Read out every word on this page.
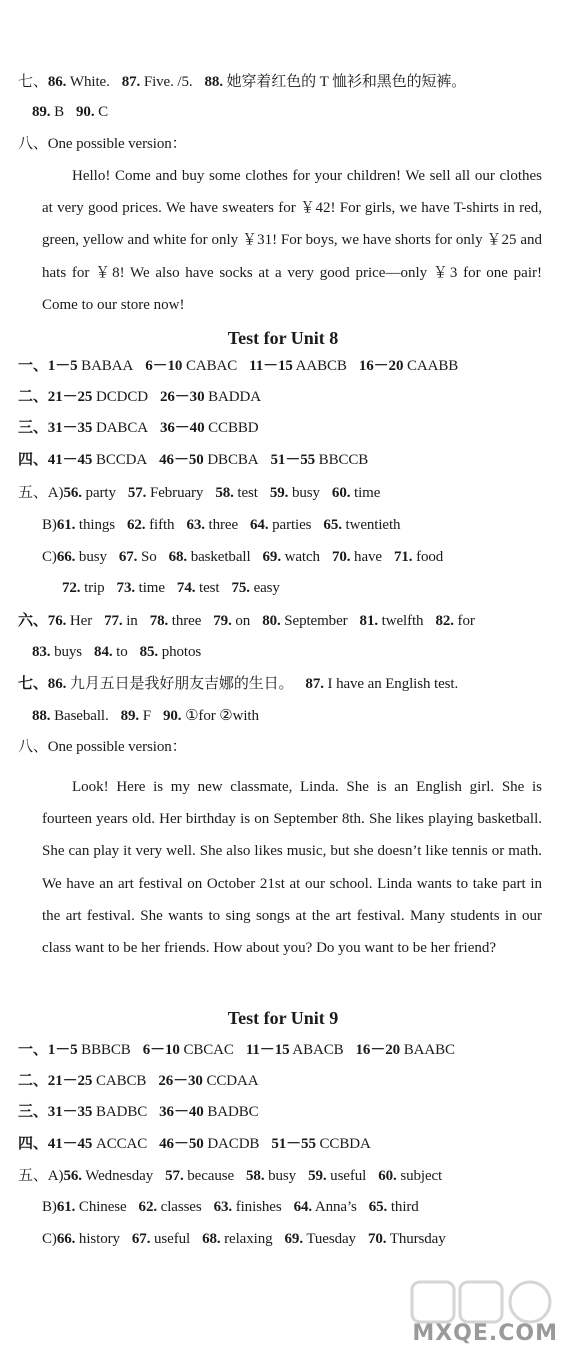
七、86. White. 87. Five. /5. 88. 她穿着红色的 T 恤衫和黑色的短裤。
89. B 90. C
八、One possible version：
一、1－5 BABAA 6－10 CABAC 11－15 AABCB 16－20 CAABB
二、21－25 DCDCD 26－30 BADDA
三、31－35 DABCA 36－40 CCBBD
四、41－45 BCCDA 46－50 DBCBA 51－55 BBCCB
五、A)56. party 57. February 58. test 59. busy 60. time
B)61. things 62. fifth 63. three 64. parties 65. twentieth
C)66. busy 67. So 68. basketball 69. watch 70. have 71. food
72. trip 73. time 74. test 75. easy
六、76. Her 77. in 78. three 79. on 80. September 81. twelfth 82. for
83. buys 84. to 85. photos
七、86. 九月五日是我好朋友吉娜的生日。 87. I have an English test.
88. Baseball. 89. F 90. ①for ②with
八、One possible version：
一、1－5 BBBCB 6－10 CBCAC 11－15 ABACB 16－20 BAABC
二、21－25 CABCB 26－30 CCDAA
三、31－35 BADBC 36－40 BADBC
四、41－45 ACCAC 46－50 DACDB 51－55 CCBDA
五、A)56. Wednesday 57. because 58. busy 59. useful 60. subject
B)61. Chinese 62. classes 63. finishes 64. Anna’s 65. third
C)66. history 67. useful 68. relaxing 69. Tuesday 70. Thursday
Test for Unit 8
Test for Unit 9
Hello! Come and buy some clothes for your children! We sell all our clothes at very good prices. We have sweaters for ￥42! For girls, we have T-shirts in red, green, yellow and white for only ￥31! For boys, we have shorts for only ￥25 and hats for ￥8! We also have socks at a very good price—only ￥3 for one pair! Come to our store now!
Look! Here is my new classmate, Linda. She is an English girl. She is fourteen years old. Her birthday is on September 8th. She likes playing basketball. She can play it very well. She also likes music, but she doesn’t like tennis or math. We have an art festival on October 21st at our school. Linda wants to take part in the art festival. She wants to sing songs at the art festival. Many students in our class want to be her friends. How about you? Do you want to be her friend?
MXQE.COM
